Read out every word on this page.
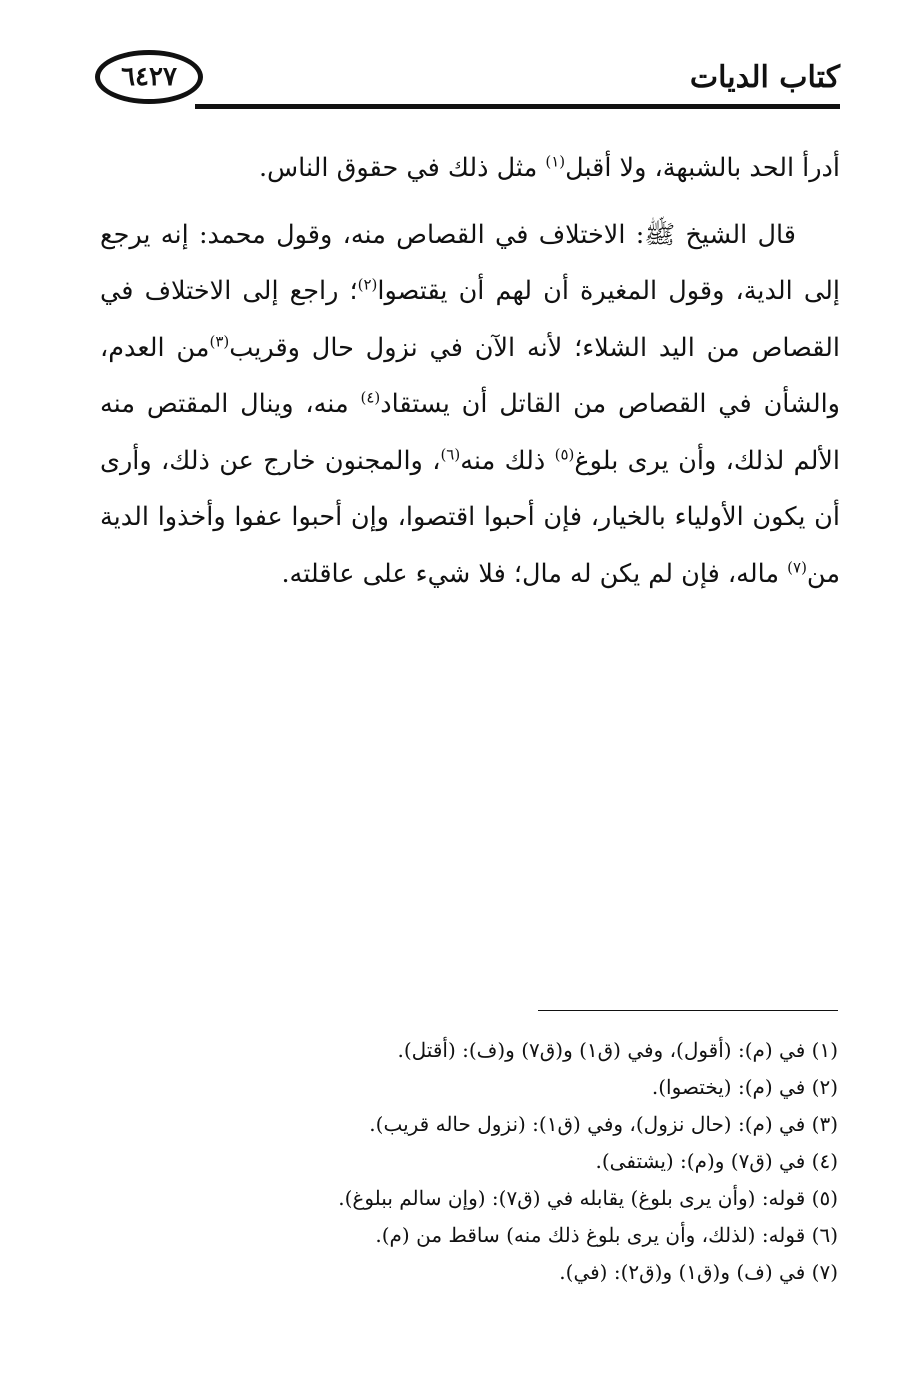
٦٤٢٧	كتاب الديات

أدرأ الحد بالشبهة، ولا أقبل$^{(١)}$ مثل ذلك في حقوق الناس.

قال الشيخ ﷺ: الاختلاف في القصاص منه، وقول محمد: إنه يرجع إلى الدية، وقول المغيرة أن لهم أن يقتصوا$^{(٢)}$؛ راجع إلى الاختلاف في القصاص من اليد الشلاء؛ لأنه الآن في نزول حال وقريب$^{(٣)}$من العدم، والشأن في القصاص من القاتل أن يستقاد$^{(٤)}$ منه، وينال المقتص منه الألم لذلك، وأن يرى بلوغ$^{(٥)}$ ذلك منه$^{(٦)}$، والمجنون خارج عن ذلك، وأرى أن يكون الأولياء بالخيار، فإن أحبوا اقتصوا، وإن أحبوا عفوا وأخذوا الدية من$^{(٧)}$ ماله، فإن لم يكن له مال؛ فلا شيء على عاقلته.

(١) في (م): (أقول)، وفي (ق١) و(ق٧) و(ف): (أقتل).
(٢) في (م): (يختصوا).
(٣) في (م): (حال نزول)، وفي (ق١): (نزول حاله قريب).
(٤) في (ق٧) و(م): (يشتفى).
(٥) قوله: (وأن يرى بلوغ) يقابله في (ق٧): (وإن سالم ببلوغ).
(٦) قوله: (لذلك، وأن يرى بلوغ ذلك منه) ساقط من (م).
(٧) في (ف) و(ق١) و(ق٢): (في).
